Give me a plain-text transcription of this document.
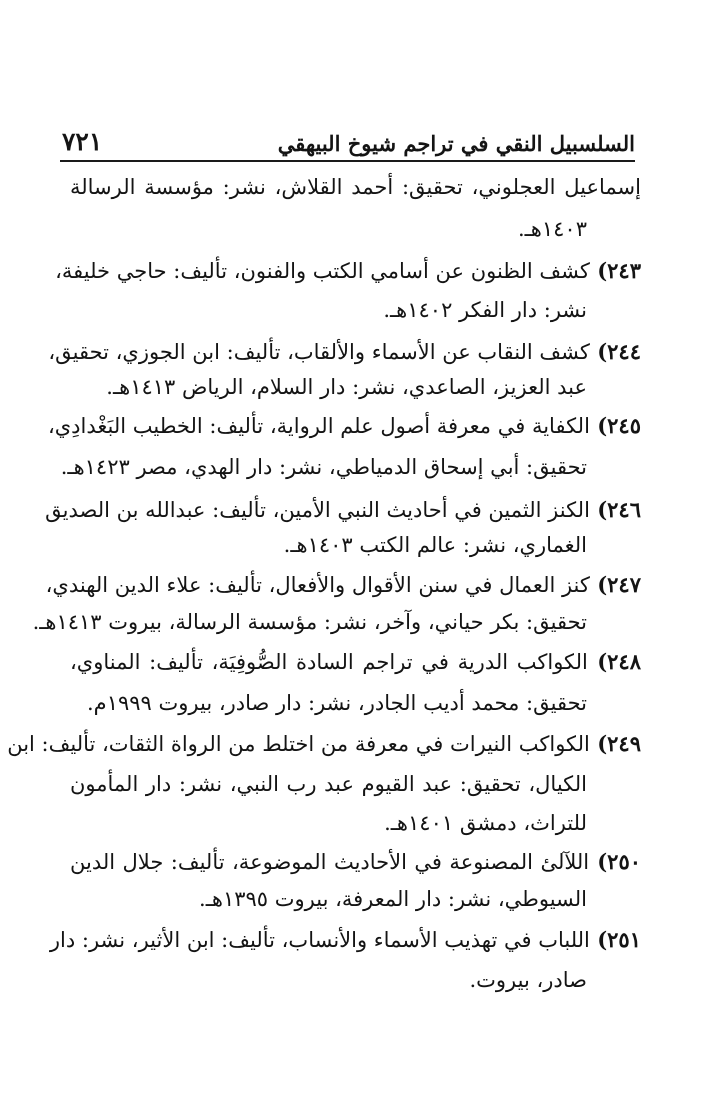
السلسبيل النقي في تراجم شيوخ البيهقي
٧٢١
إسماعيل العجلوني، تحقيق: أحمد القلاش، نشر: مؤسسة الرسالة
١٤٠٣هـ.
٢٤٣) كشف الظنون عن أسامي الكتب والفنون، تأليف: حاجي خليفة،
نشر: دار الفكر ١٤٠٢هـ.
٢٤٤) كشف النقاب عن الأسماء والألقاب، تأليف: ابن الجوزي، تحقيق،
عبد العزيز، الصاعدي، نشر: دار السلام، الرياض ١٤١٣هـ.
٢٤٥) الكفاية في معرفة أصول علم الرواية، تأليف: الخطيب البَغْدادِي،
تحقيق: أبي إسحاق الدمياطي، نشر: دار الهدي، مصر ١٤٢٣هـ.
٢٤٦) الكنز الثمين في أحاديث النبي الأمين، تأليف: عبدالله بن الصديق
الغماري، نشر: عالم الكتب ١٤٠٣هـ.
٢٤٧) كنز العمال في سنن الأقوال والأفعال، تأليف: علاء الدين الهندي،
تحقيق: بكر حياني، وآخر، نشر: مؤسسة الرسالة، بيروت ١٤١٣هـ.
٢٤٨) الكواكب الدرية في تراجم السادة الصُّوفِيَة، تأليف: المناوي،
تحقيق: محمد أديب الجادر، نشر: دار صادر، بيروت ١٩٩٩م.
٢٤٩) الكواكب النيرات في معرفة من اختلط من الرواة الثقات، تأليف: ابن
الكيال، تحقيق: عبد القيوم عبد رب النبي، نشر: دار المأمون
للتراث، دمشق ١٤٠١هـ.
٢٥٠) اللآلئ المصنوعة في الأحاديث الموضوعة، تأليف: جلال الدين
السيوطي، نشر: دار المعرفة، بيروت ١٣٩٥هـ.
٢٥١) اللباب في تهذيب الأسماء والأنساب، تأليف: ابن الأثير، نشر: دار
صادر، بيروت.
